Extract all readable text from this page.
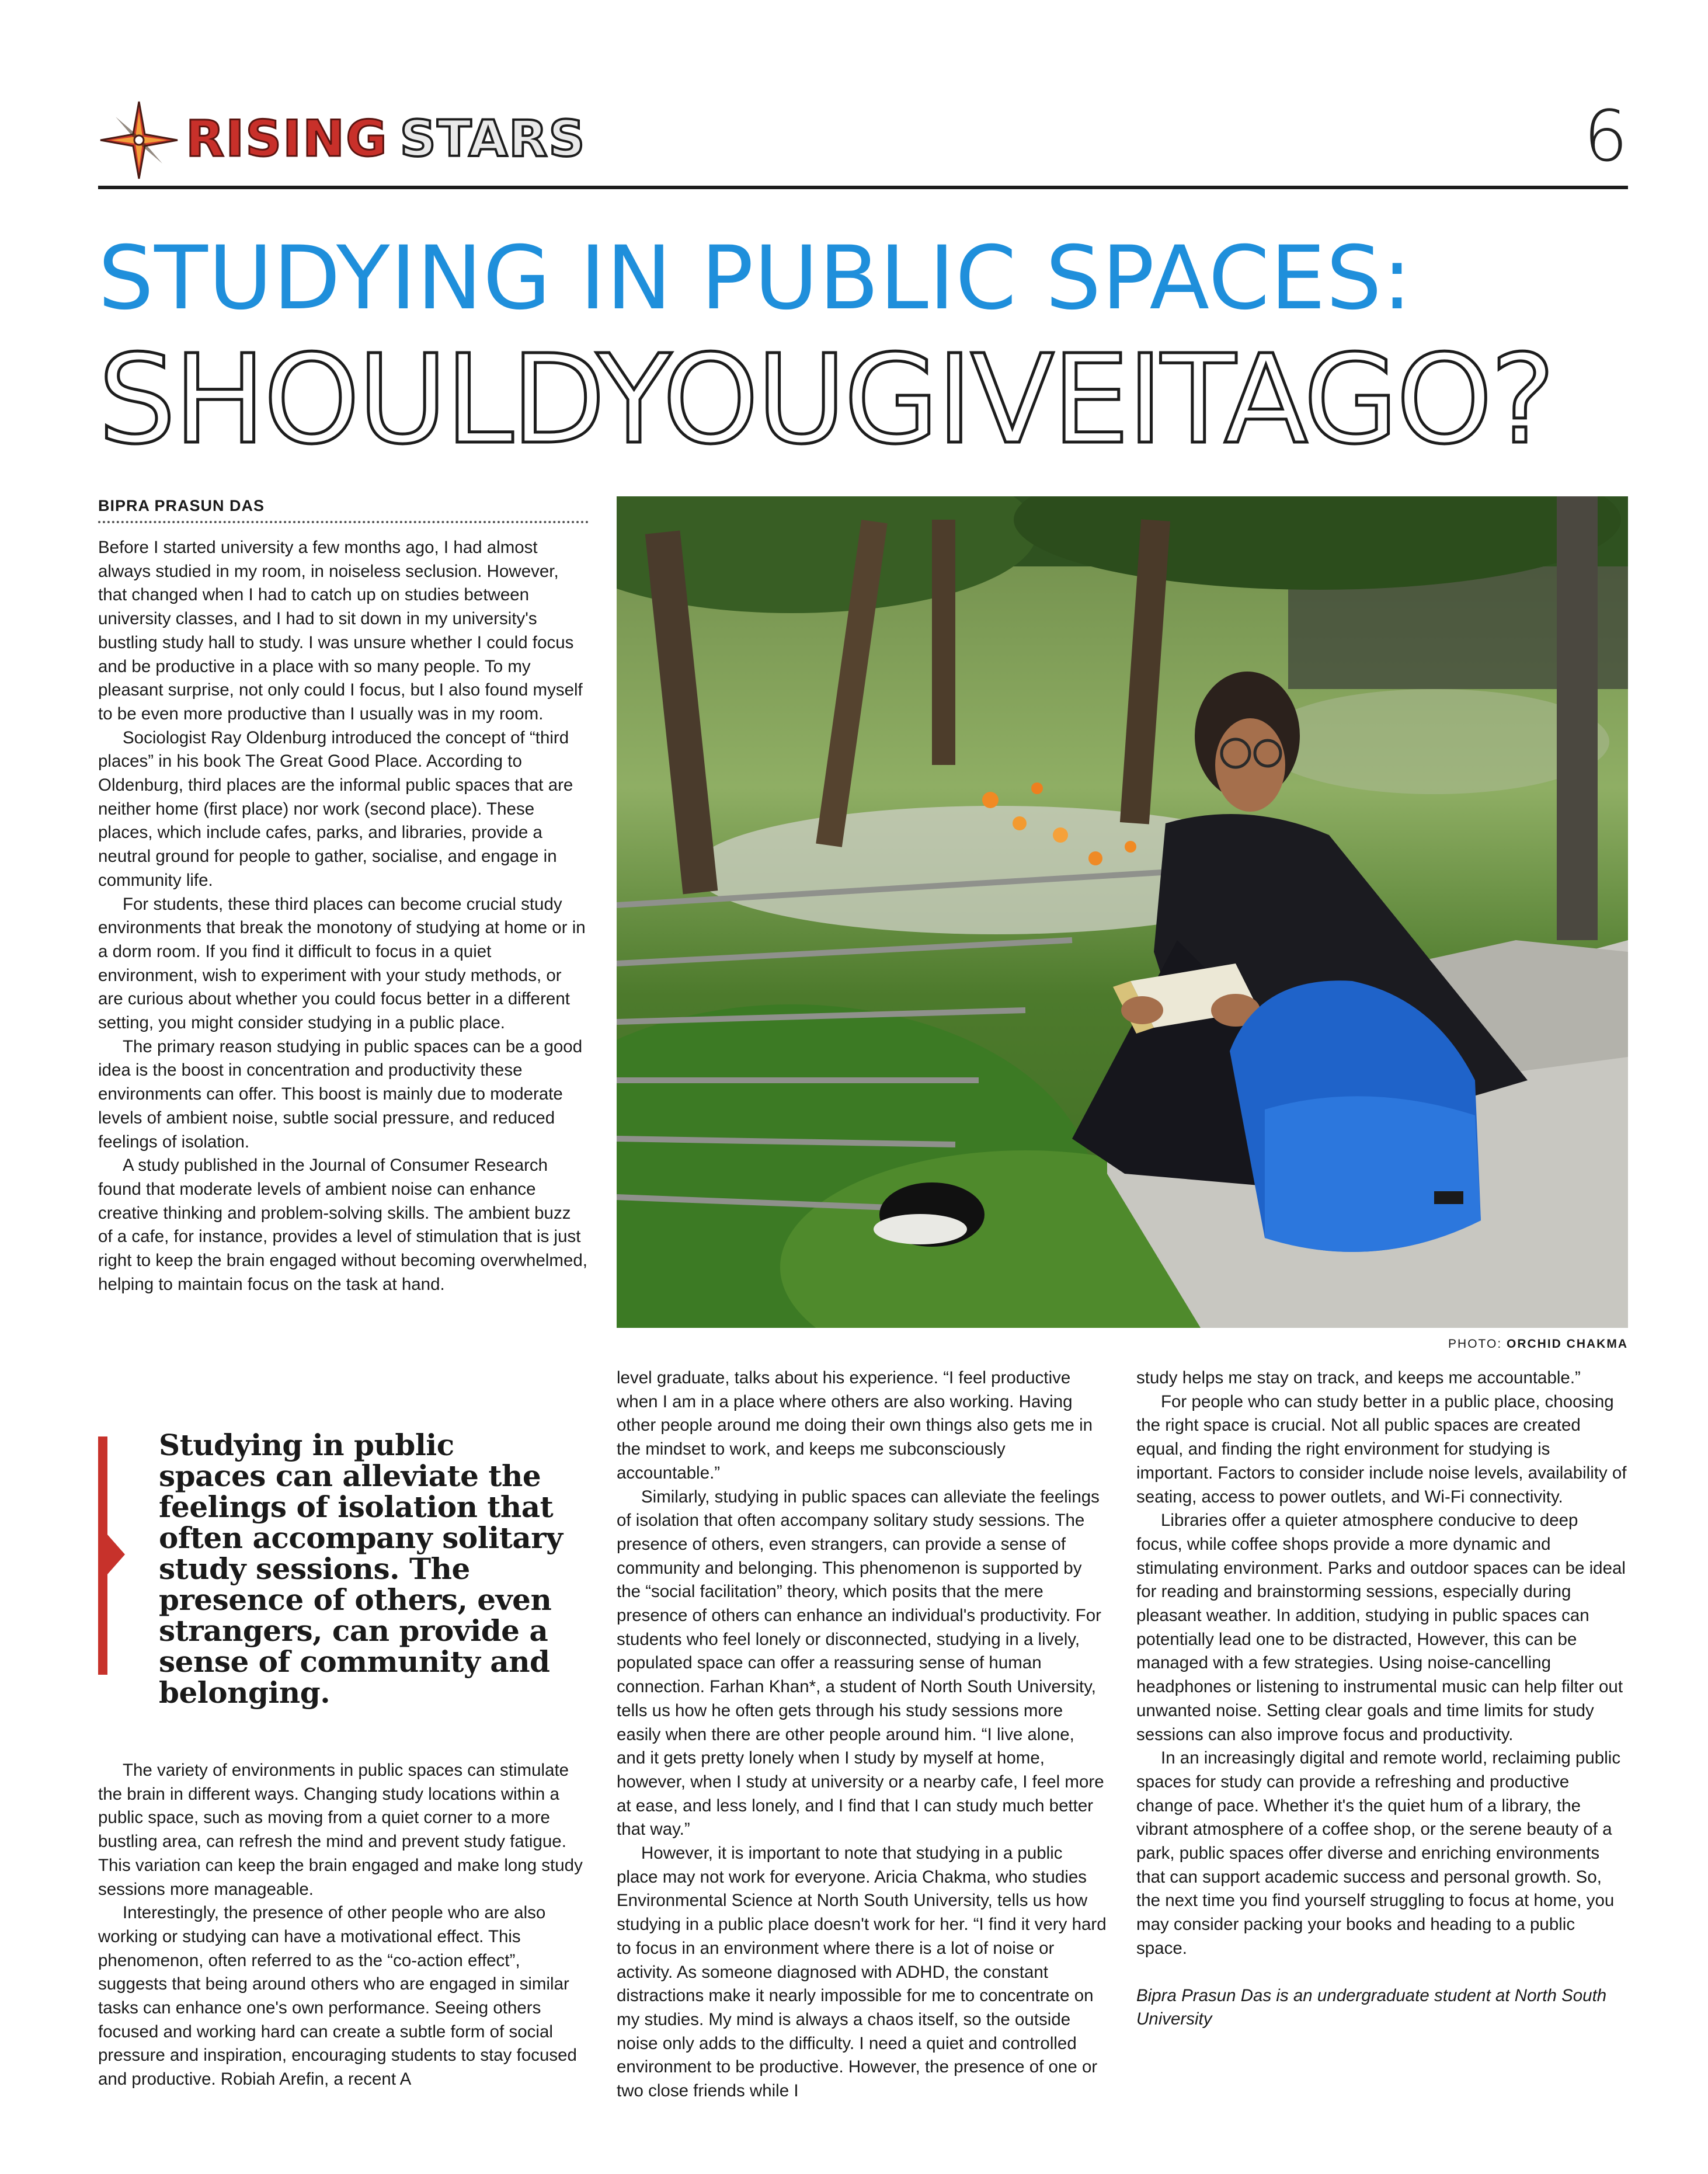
RISING STARS	6
STUDYING IN PUBLIC SPACES:
SHOULDYOUGIVEITAGO?
BIPRA PRASUN DAS

Before I started university a few months ago, I had almost always studied in my room, in noiseless seclusion. However, that changed when I had to catch up on studies between university classes, and I had to sit down in my university's bustling study hall to study. I was unsure whether I could focus and be productive in a place with so many people. To my pleasant surprise, not only could I focus, but I also found myself to be even more productive than I usually was in my room.

Sociologist Ray Oldenburg introduced the concept of “third places” in his book The Great Good Place. According to Oldenburg, third places are the informal public spaces that are neither home (first place) nor work (second place). These places, which include cafes, parks, and libraries, provide a neutral ground for people to gather, socialise, and engage in community life.

For students, these third places can become crucial study environments that break the monotony of studying at home or in a dorm room. If you find it difficult to focus in a quiet environment, wish to experiment with your study methods, or are curious about whether you could focus better in a different setting, you might consider studying in a public place.

The primary reason studying in public spaces can be a good idea is the boost in concentration and productivity these environments can offer. This boost is mainly due to moderate levels of ambient noise, subtle social pressure, and reduced feelings of isolation.

A study published in the Journal of Consumer Research found that moderate levels of ambient noise can enhance creative thinking and problem-solving skills. The ambient buzz of a cafe, for instance, provides a level of stimulation that is just right to keep the brain engaged without becoming overwhelmed, helping to maintain focus on the task at hand.

Studying in public spaces can alleviate the feelings of isolation that often accompany solitary study sessions. The presence of others, even strangers, can provide a sense of community and belonging.

The variety of environments in public spaces can stimulate the brain in different ways. Changing study locations within a public space, such as moving from a quiet corner to a more bustling area, can refresh the mind and prevent study fatigue. This variation can keep the brain engaged and make long study sessions more manageable.

Interestingly, the presence of other people who are also working or studying can have a motivational effect. This phenomenon, often referred to as the “co-action effect”, suggests that being around others who are engaged in similar tasks can enhance one's own performance. Seeing others focused and working hard can create a subtle form of social pressure and inspiration, encouraging students to stay focused and productive. Robiah Arefin, a recent A

PHOTO: ORCHID CHAKMA

level graduate, talks about his experience. “I feel productive when I am in a place where others are also working. Having other people around me doing their own things also gets me in the mindset to work, and keeps me subconsciously accountable.”

Similarly, studying in public spaces can alleviate the feelings of isolation that often accompany solitary study sessions. The presence of others, even strangers, can provide a sense of community and belonging. This phenomenon is supported by the “social facilitation” theory, which posits that the mere presence of others can enhance an individual's productivity. For students who feel lonely or disconnected, studying in a lively, populated space can offer a reassuring sense of human connection. Farhan Khan*, a student of North South University, tells us how he often gets through his study sessions more easily when there are other people around him. “I live alone, and it gets pretty lonely when I study by myself at home, however, when I study at university or a nearby cafe, I feel more at ease, and less lonely, and I find that I can study much better that way.”

However, it is important to note that studying in a public place may not work for everyone. Aricia Chakma, who studies Environmental Science at North South University, tells us how studying in a public place doesn't work for her. “I find it very hard to focus in an environment where there is a lot of noise or activity. As someone diagnosed with ADHD, the constant distractions make it nearly impossible for me to concentrate on my studies. My mind is always a chaos itself, so the outside noise only adds to the difficulty. I need a quiet and controlled environment to be productive. However, the presence of one or two close friends while I

study helps me stay on track, and keeps me accountable.”

For people who can study better in a public place, choosing the right space is crucial. Not all public spaces are created equal, and finding the right environment for studying is important. Factors to consider include noise levels, availability of seating, access to power outlets, and Wi-Fi connectivity.

Libraries offer a quieter atmosphere conducive to deep focus, while coffee shops provide a more dynamic and stimulating environment. Parks and outdoor spaces can be ideal for reading and brainstorming sessions, especially during pleasant weather. In addition, studying in public spaces can potentially lead one to be distracted, However, this can be managed with a few strategies. Using noise-cancelling headphones or listening to instrumental music can help filter out unwanted noise. Setting clear goals and time limits for study sessions can also improve focus and productivity.

In an increasingly digital and remote world, reclaiming public spaces for study can provide a refreshing and productive change of pace. Whether it's the quiet hum of a library, the vibrant atmosphere of a coffee shop, or the serene beauty of a park, public spaces offer diverse and enriching environments that can support academic success and personal growth. So, the next time you find yourself struggling to focus at home, you may consider packing your books and heading to a public space.

Bipra Prasun Das is an undergraduate student at North South University
